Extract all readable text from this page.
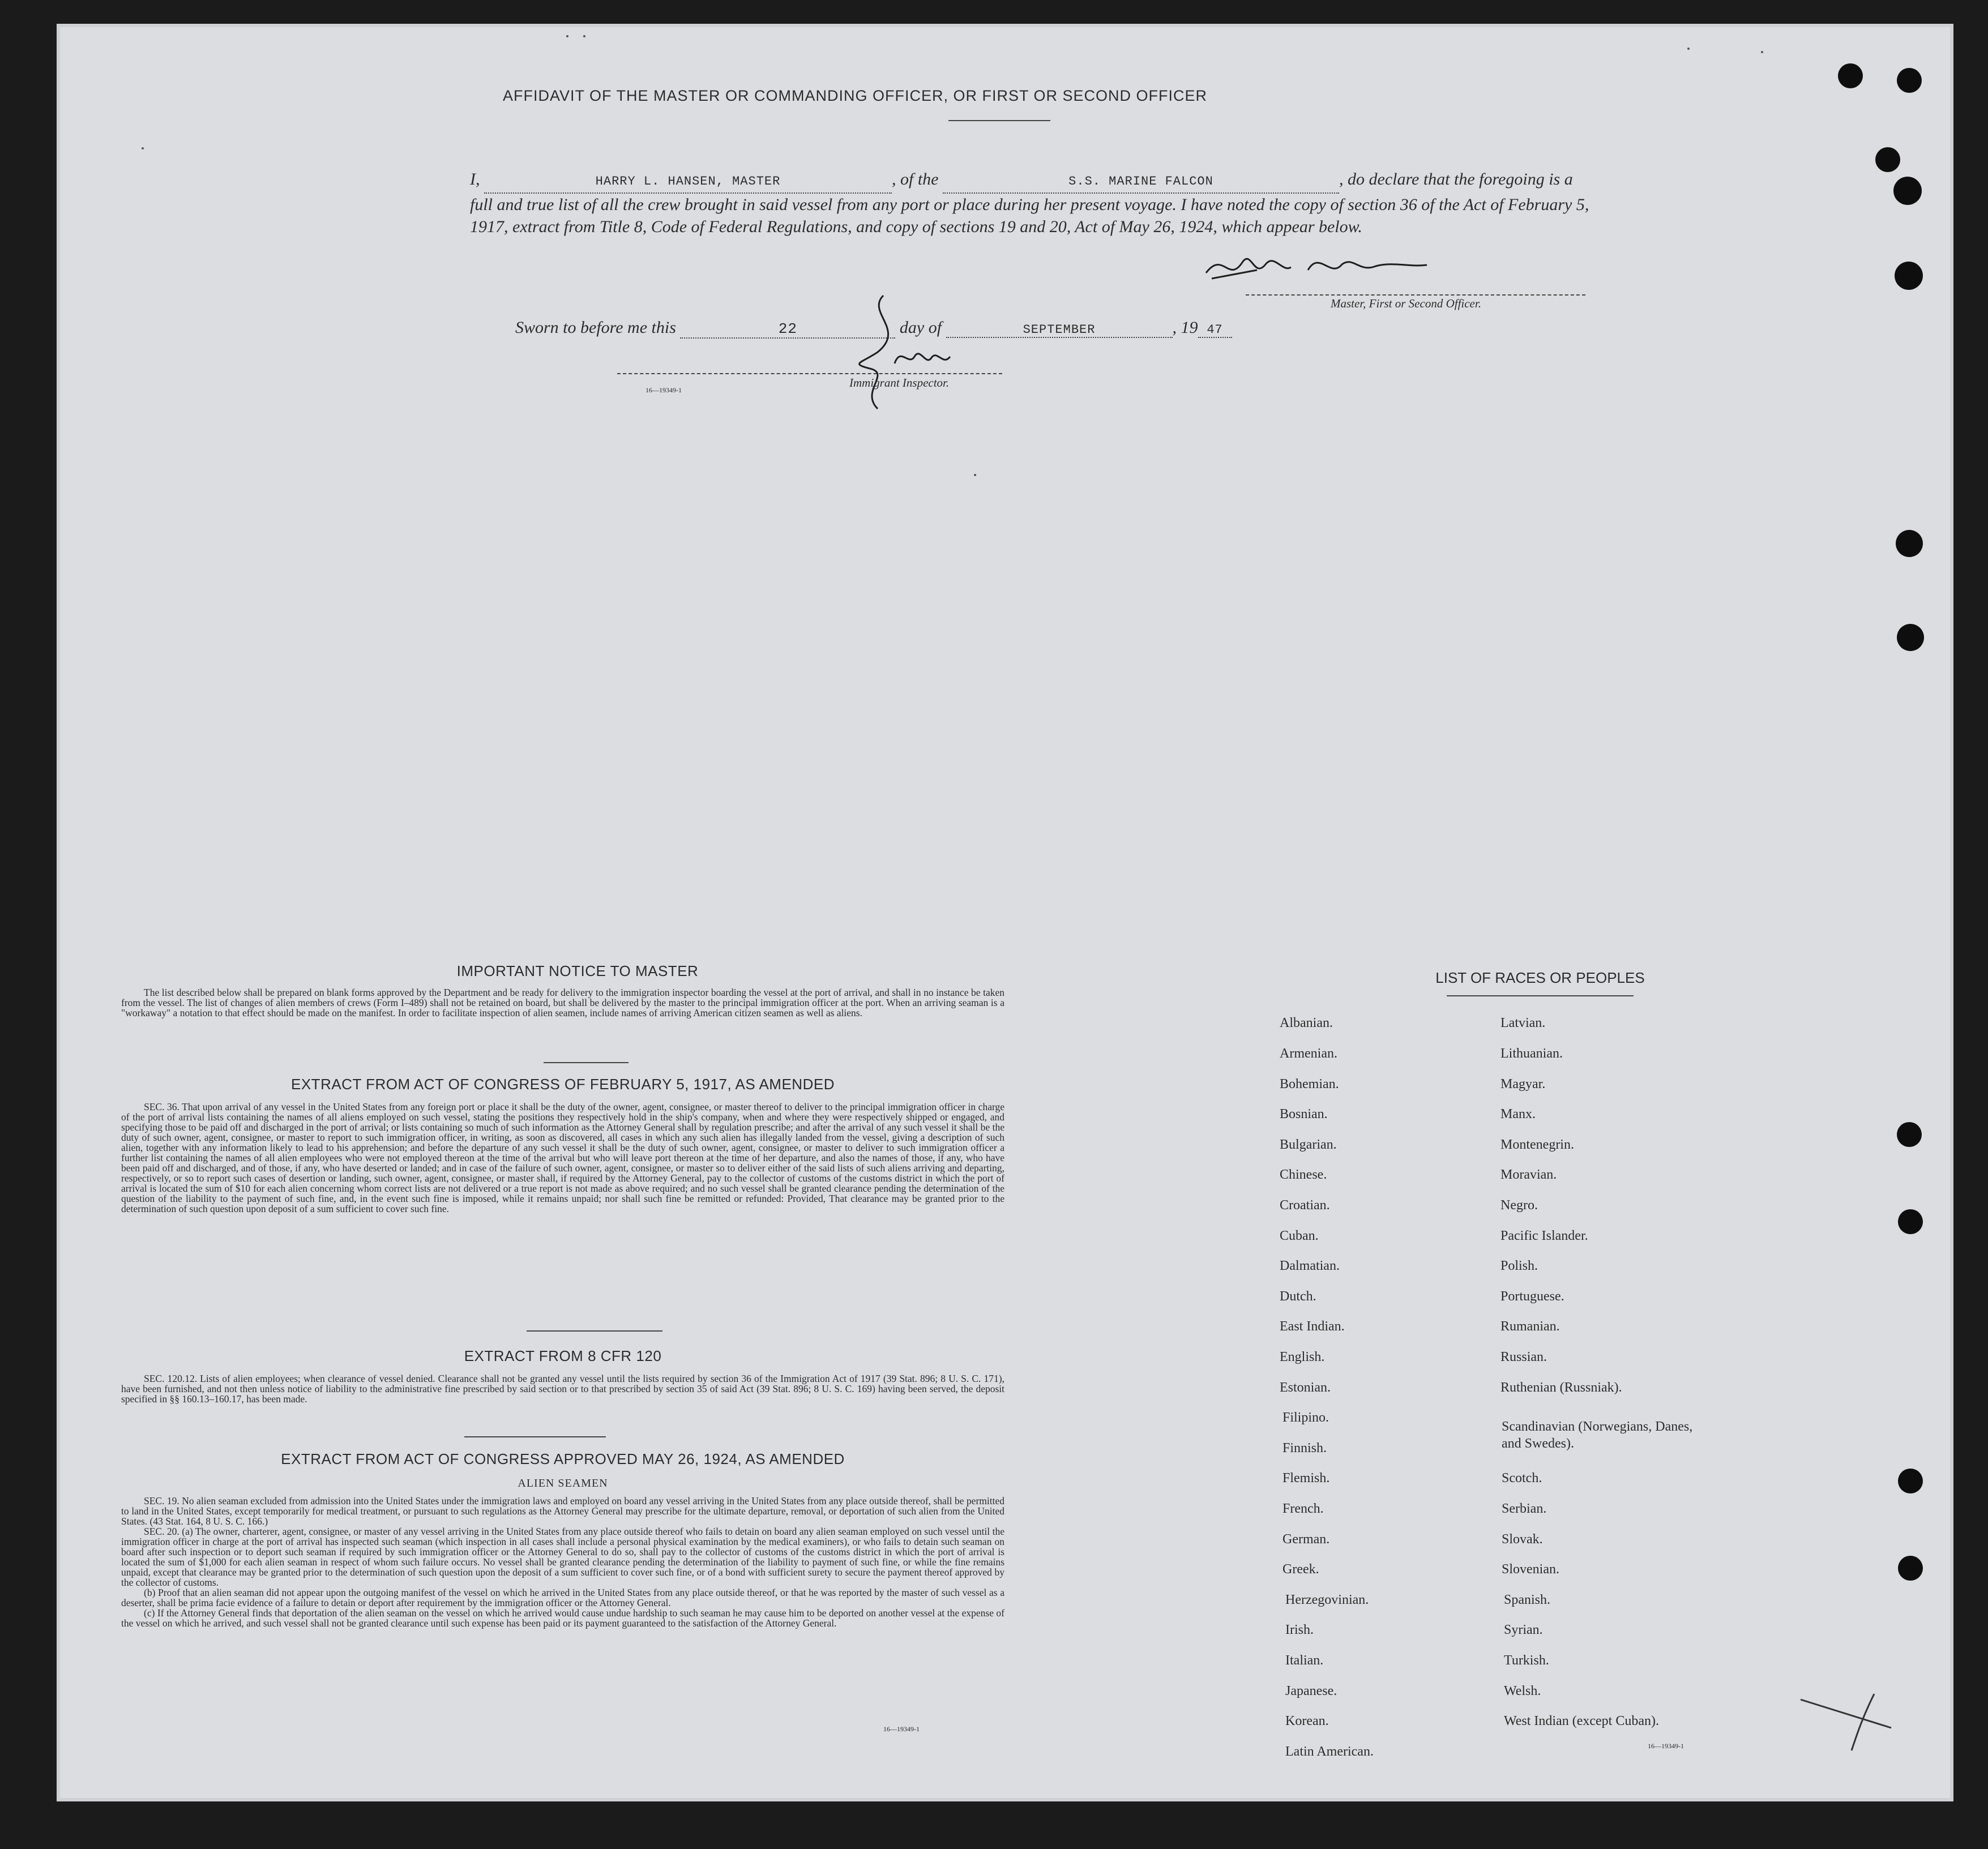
AFFIDAVIT OF THE MASTER OR COMMANDING OFFICER, OR FIRST OR SECOND OFFICER
I,	HARRY L. HANSEN, MASTER	, of the	S.S. MARINE FALCON	, do declare that the foregoing is a full and true list of all the crew brought in said vessel from any port or place during her present voyage. I have noted the copy of section 36 of the Act of February 5, 1917, extract from Title 8, Code of Federal Regulations, and copy of sections 19 and 20, Act of May 26, 1924, which appear below.
Master, First or Second Officer.
Sworn to before me this	22	day of	SEPTEMBER	, 19 47
Immigrant Inspector.
16—19349-1
IMPORTANT NOTICE TO MASTER

The list described below shall be prepared on blank forms approved by the Department and be ready for delivery to the immigration inspector boarding the vessel at the port of arrival, and shall in no instance be taken from the vessel. The list of changes of alien members of crews (Form I–489) shall not be retained on board, but shall be delivered by the master to the principal immigration officer at the port. When an arriving seaman is a "workaway" a notation to that effect should be made on the manifest. In order to facilitate inspection of alien seamen, include names of arriving American citizen seamen as well as aliens.

EXTRACT FROM ACT OF CONGRESS OF FEBRUARY 5, 1917, AS AMENDED

SEC. 36. That upon arrival of any vessel in the United States from any foreign port or place it shall be the duty of the owner, agent, consignee, or master thereof to deliver to the principal immigration officer in charge of the port of arrival lists containing the names of all aliens employed on such vessel, stating the positions they respectively hold in the ship's company, when and where they were respectively shipped or engaged, and specifying those to be paid off and discharged in the port of arrival; or lists containing so much of such information as the Attorney General shall by regulation prescribe; and after the arrival of any such vessel it shall be the duty of such owner, agent, consignee, or master to report to such immigration officer, in writing, as soon as discovered, all cases in which any such alien has illegally landed from the vessel, giving a description of such alien, together with any information likely to lead to his apprehension; and before the departure of any such vessel it shall be the duty of such owner, agent, consignee, or master to deliver to such immigration officer a further list containing the names of all alien employees who were not employed thereon at the time of the arrival but who will leave port thereon at the time of her departure, and also the names of those, if any, who have been paid off and discharged, and of those, if any, who have deserted or landed; and in case of the failure of such owner, agent, consignee, or master so to deliver either of the said lists of such aliens arriving and departing, respectively, or so to report such cases of desertion or landing, such owner, agent, consignee, or master shall, if required by the Attorney General, pay to the collector of customs of the customs district in which the port of arrival is located the sum of $10 for each alien concerning whom correct lists are not delivered or a true report is not made as above required; and no such vessel shall be granted clearance pending the determination of the question of the liability to the payment of such fine, and, in the event such fine is imposed, while it remains unpaid; nor shall such fine be remitted or refunded: Provided, That clearance may be granted prior to the determination of such question upon deposit of a sum sufficient to cover such fine.

EXTRACT FROM 8 CFR 120

SEC. 120.12. Lists of alien employees; when clearance of vessel denied. Clearance shall not be granted any vessel until the lists required by section 36 of the Immigration Act of 1917 (39 Stat. 896; 8 U. S. C. 171), have been furnished, and not then unless notice of liability to the administrative fine prescribed by said section or to that prescribed by section 35 of said Act (39 Stat. 896; 8 U. S. C. 169) having been served, the deposit specified in §§ 160.13–160.17, has been made.

EXTRACT FROM ACT OF CONGRESS APPROVED MAY 26, 1924, AS AMENDED
ALIEN SEAMEN

SEC. 19. No alien seaman excluded from admission into the United States under the immigration laws and employed on board any vessel arriving in the United States from any place outside thereof, shall be permitted to land in the United States, except temporarily for medical treatment, or pursuant to such regulations as the Attorney General may prescribe for the ultimate departure, removal, or deportation of such alien from the United States. (43 Stat. 164, 8 U. S. C. 166.)

SEC. 20. (a) The owner, charterer, agent, consignee, or master of any vessel arriving in the United States from any place outside thereof who fails to detain on board any alien seaman employed on such vessel until the immigration officer in charge at the port of arrival has inspected such seaman (which inspection in all cases shall include a personal physical examination by the medical examiners), or who fails to detain such seaman on board after such inspection or to deport such seaman if required by such immigration officer or the Attorney General to do so, shall pay to the collector of customs of the customs district in which the port of arrival is located the sum of $1,000 for each alien seaman in respect of whom such failure occurs. No vessel shall be granted clearance pending the determination of the liability to payment of such fine, or while the fine remains unpaid, except that clearance may be granted prior to the determination of such question upon the deposit of a sum sufficient to cover such fine, or of a bond with sufficient surety to secure the payment thereof approved by the collector of customs.

(b) Proof that an alien seaman did not appear upon the outgoing manifest of the vessel on which he arrived in the United States from any place outside thereof, or that he was reported by the master of such vessel as a deserter, shall be prima facie evidence of a failure to detain or deport after requirement by the immigration officer or the Attorney General.

(c) If the Attorney General finds that deportation of the alien seaman on the vessel on which he arrived would cause undue hardship to such seaman he may cause him to be deported on another vessel at the expense of the vessel on which he arrived, and such vessel shall not be granted clearance until such expense has been paid or its payment guaranteed to the satisfaction of the Attorney General.

16—19349-1
LIST OF RACES OR PEOPLES
Albanian.
Armenian.
Bohemian.
Bosnian.
Bulgarian.
Chinese.
Croatian.
Cuban.
Dalmatian.
Dutch.
East Indian.
English.
Estonian.
Filipino.
Finnish.
Flemish.
French.
German.
Greek.
Herzegovinian.
Irish.
Italian.
Japanese.
Korean.
Latin American.
Latvian.
Lithuanian.
Magyar.
Manx.
Montenegrin.
Moravian.
Negro.
Pacific Islander.
Polish.
Portuguese.
Rumanian.
Russian.
Ruthenian (Russniak).
Scandinavian (Norwegians, Danes, and Swedes).
Scotch.
Serbian.
Slovak.
Slovenian.
Spanish.
Syrian.
Turkish.
Welsh.
West Indian (except Cuban).
16—19349-1
